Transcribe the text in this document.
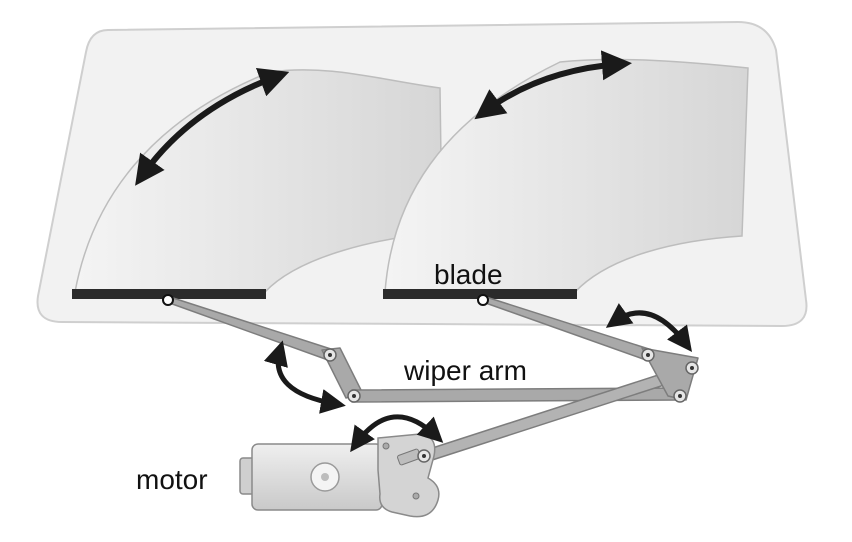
blade
wiper arm
motor
